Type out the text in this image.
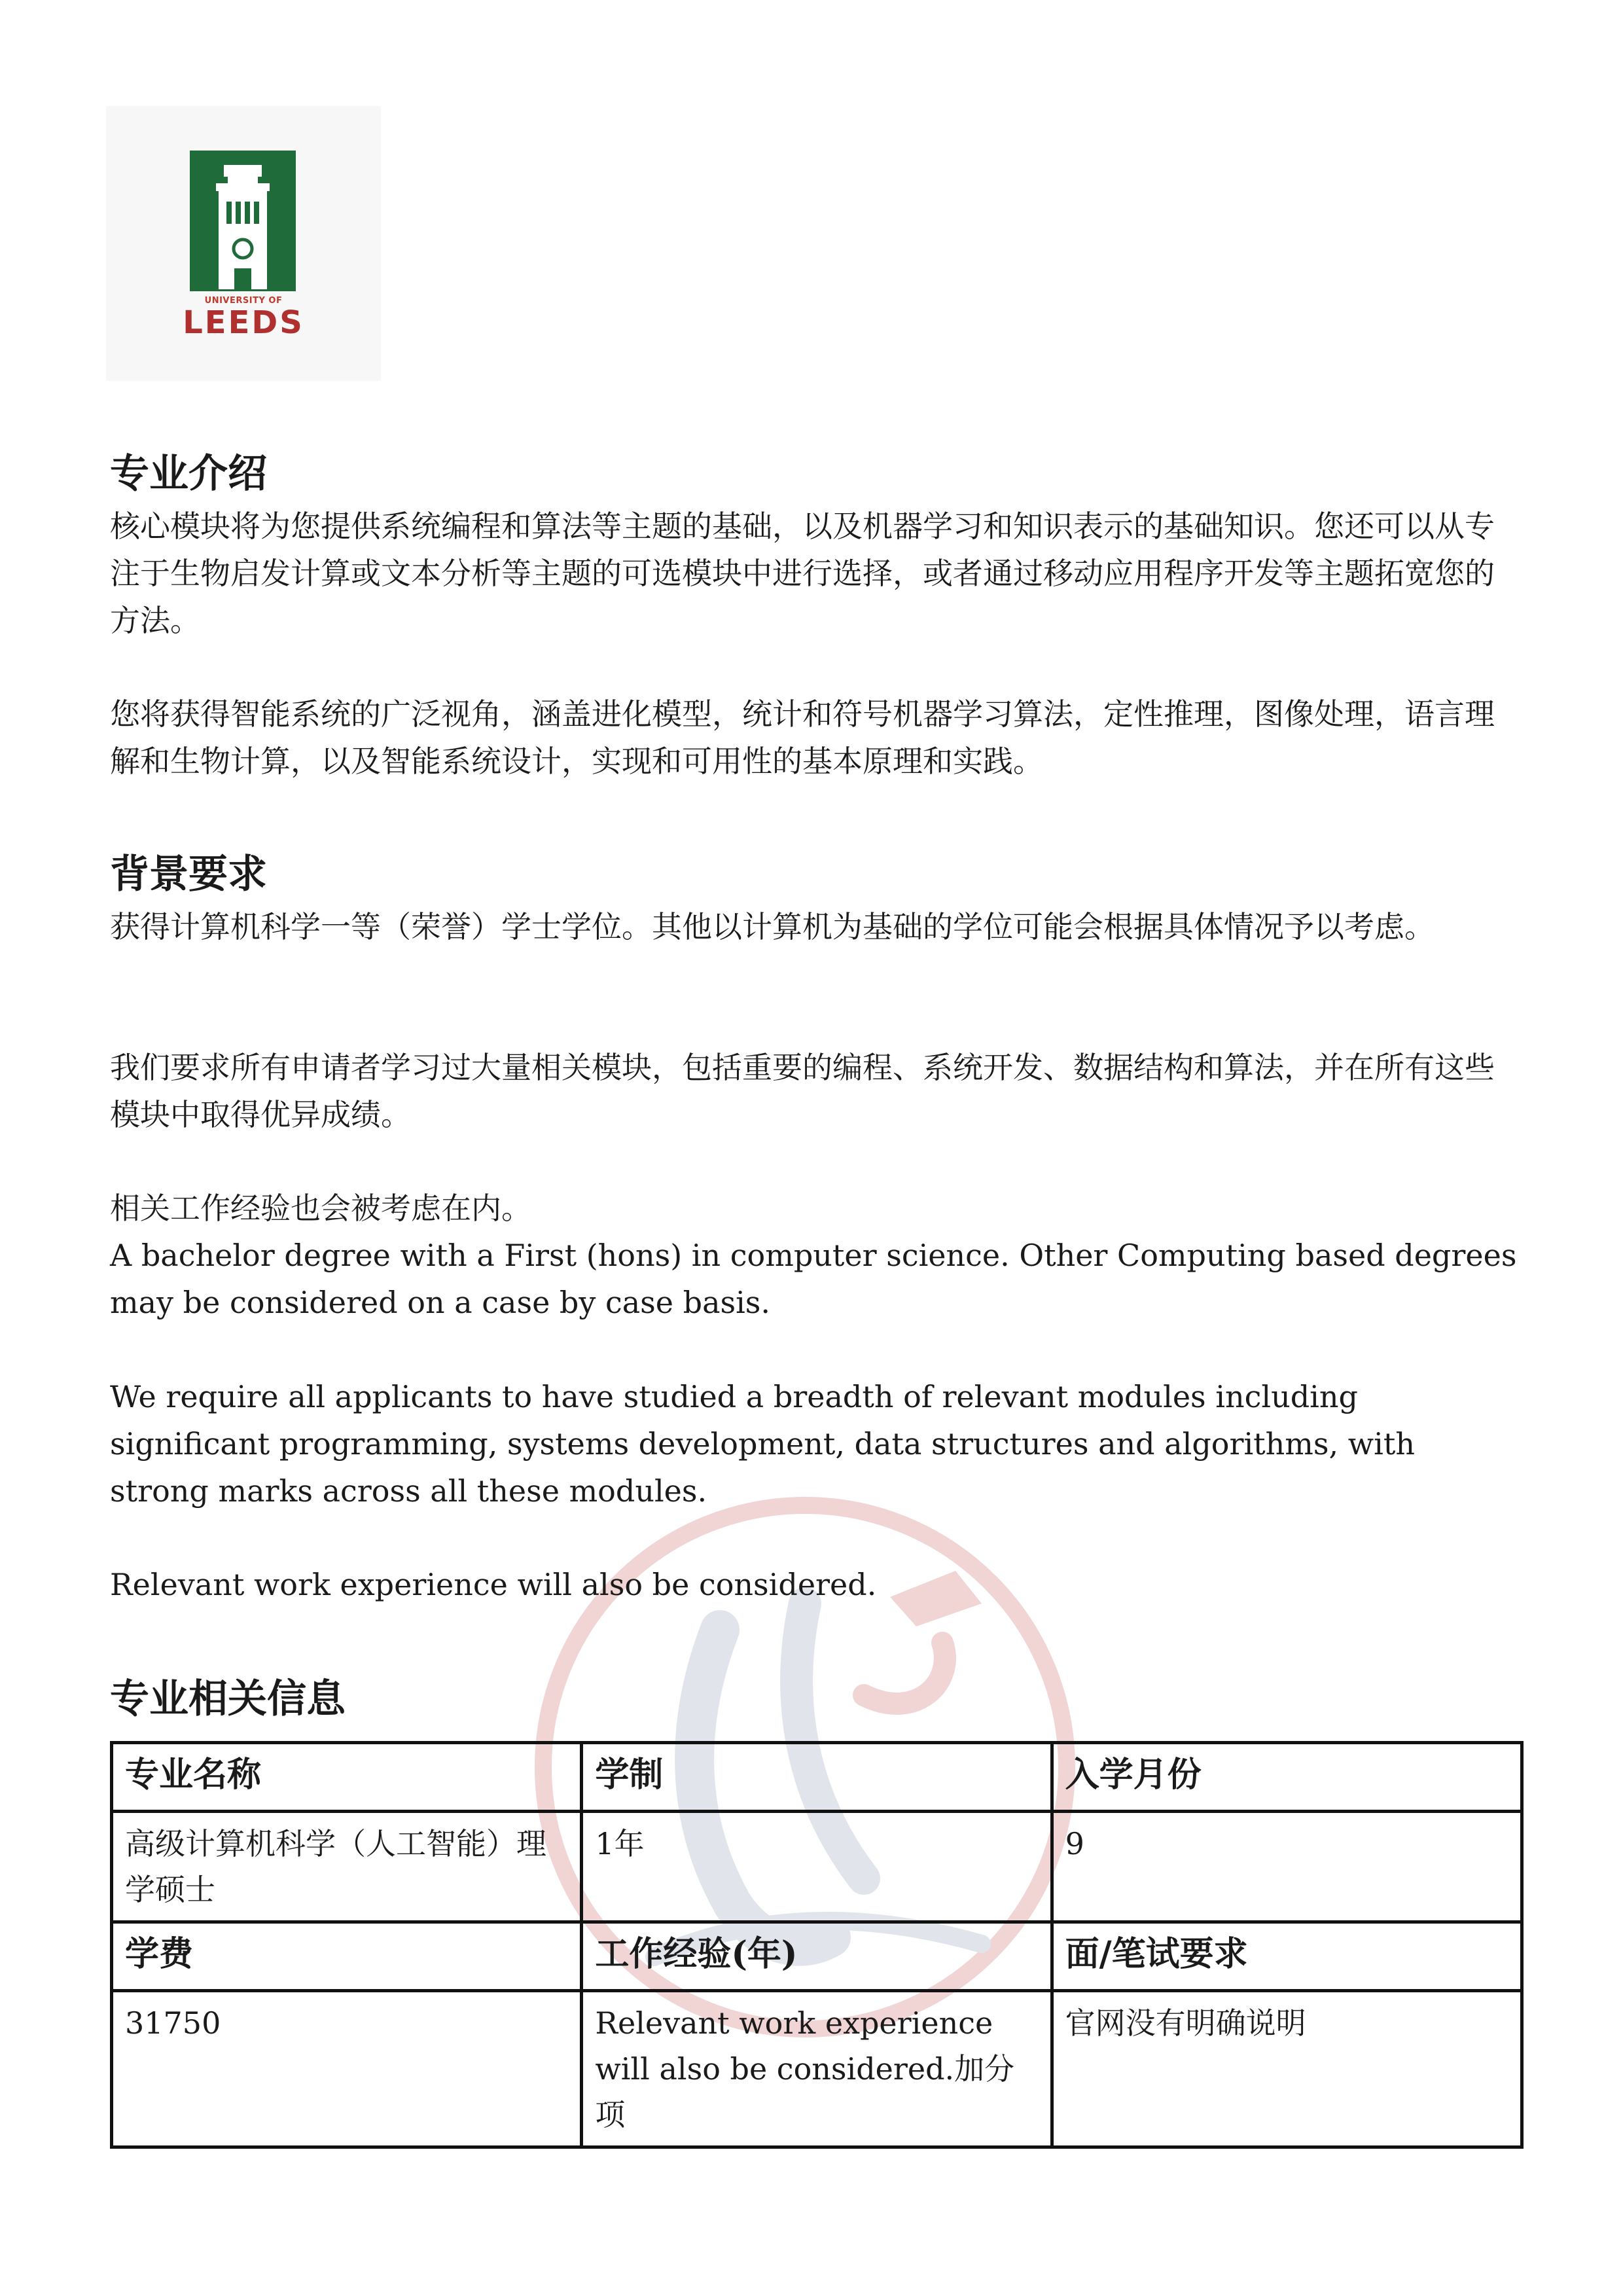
UNIVERSITY OF
LEEDS
专业介绍

核心模块将为您提供系统编程和算法等主题的基础，以及机器学习和知识表示的基础知识。您还可以从专注于生物启发计算或文本分析等主题的可选模块中进行选择，或者通过移动应用程序开发等主题拓宽您的方法。

您将获得智能系统的广泛视角，涵盖进化模型，统计和符号机器学习算法，定性推理，图像处理，语言理解和生物计算，以及智能系统设计，实现和可用性的基本原理和实践。

背景要求

获得计算机科学一等（荣誉）学士学位。其他以计算机为基础的学位可能会根据具体情况予以考虑。

我们要求所有申请者学习过大量相关模块，包括重要的编程、系统开发、数据结构和算法，并在所有这些模块中取得优异成绩。

相关工作经验也会被考虑在内。

A bachelor degree with a First (hons) in computer science. Other Computing based degrees may be considered on a case by case basis.

We require all applicants to have studied a breadth of relevant modules including significant programming, systems development, data structures and algorithms, with strong marks across all these modules.

Relevant work experience will also be considered.

专业相关信息
专业名称	学制	入学月份
高级计算机科学（人工智能）理学硕士	1年	9
学费	工作经验(年)	面/笔试要求
31750	Relevant work experience will also be considered.加分项	官网没有明确说明
